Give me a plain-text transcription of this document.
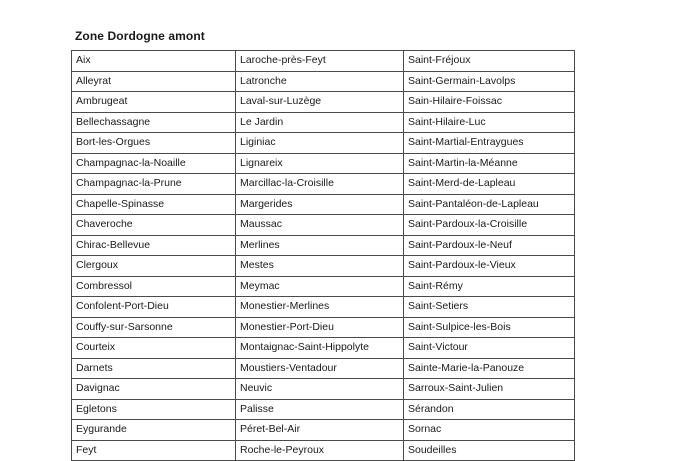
Zone Dordogne amont
Aix	Laroche-près-Feyt	Saint-Fréjoux
Alleyrat	Latronche	Saint-Germain-Lavolps
Ambrugeat	Laval-sur-Luzège	Sain-Hilaire-Foissac
Bellechassagne	Le Jardin	Saint-Hilaire-Luc
Bort-les-Orgues	Liginiac	Saint-Martial-Entraygues
Champagnac-la-Noaille	Lignareix	Saint-Martin-la-Méanne
Champagnac-la-Prune	Marcillac-la-Croisille	Saint-Merd-de-Lapleau
Chapelle-Spinasse	Margerides	Saint-Pantaléon-de-Lapleau
Chaveroche	Maussac	Saint-Pardoux-la-Croisille
Chirac-Bellevue	Merlines	Saint-Pardoux-le-Neuf
Clergoux	Mestes	Saint-Pardoux-le-Vieux
Combressol	Meymac	Saint-Rémy
Confolent-Port-Dieu	Monestier-Merlines	Saint-Setiers
Couffy-sur-Sarsonne	Monestier-Port-Dieu	Saint-Sulpice-les-Bois
Courteix	Montaignac-Saint-Hippolyte	Saint-Victour
Darnets	Moustiers-Ventadour	Sainte-Marie-la-Panouze
Davignac	Neuvic	Sarroux-Saint-Julien
Egletons	Palisse	Sérandon
Eygurande	Péret-Bel-Air	Sornac
Feyt	Roche-le-Peyroux	Soudeilles
